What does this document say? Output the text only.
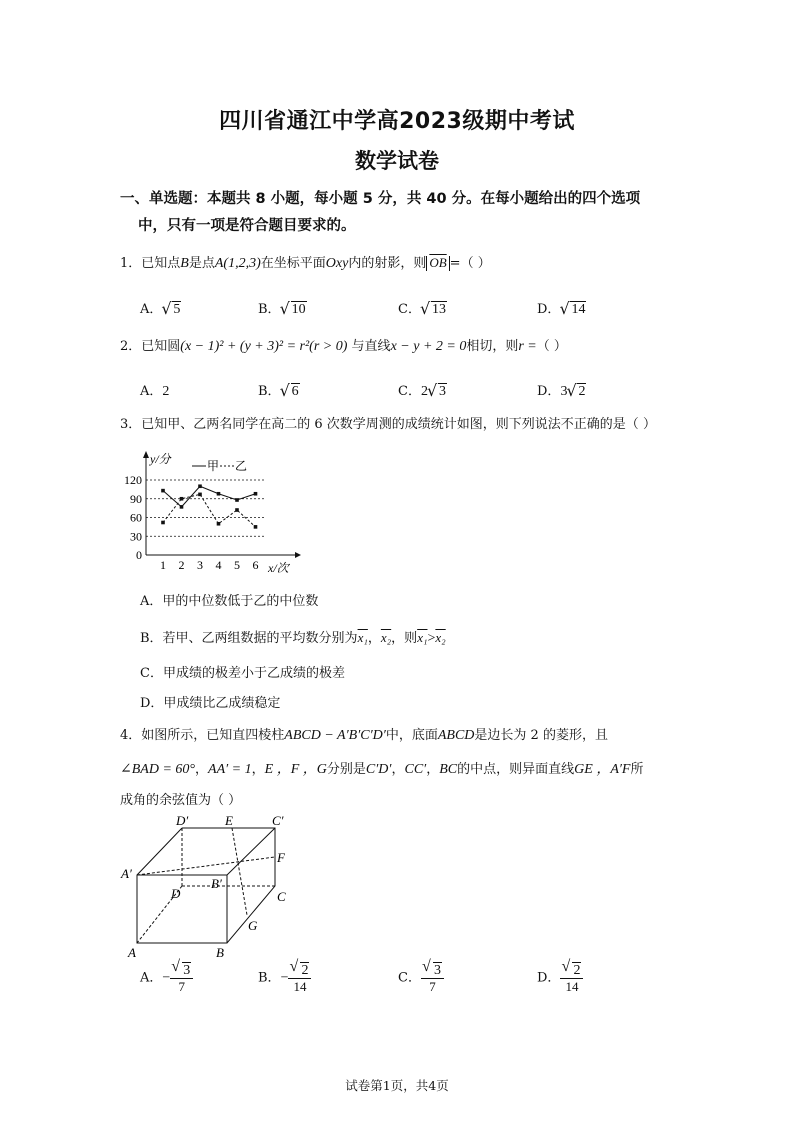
四川省通江中学高2023级期中考试
数学试卷
一、单选题：本题共 8 小题，每小题 5 分，共 40 分。在每小题给出的四个选项
中，只有一项是符合题目要求的。
1．已知点B是点A(1,2,3)在坐标平面Oxy内的射影，则 $\overline{OB}$ =（ ）
A． √ 5	B． √ 10	C． √ 13	D． √ 14
2．已知圆(x − 1)² + (y + 3)² = r²(r > 0) 与直线x − y + 2 = 0相切，则r =（ ）
A．2	B． √ 6	C．2 √ 3	D．3 √ 2
3．已知甲、乙两名同学在高二的 6 次数学周测的成绩统计如图，则下列说法不正确的是（ ）
y/分
x/次
甲 乙
0
30
60
90
120
1 2 3 4 5 6
A．甲的中位数低于乙的中位数
B．若甲、乙两组数据的平均数分别为x₁，x₂，则x₁>x₂
C．甲成绩的极差小于乙成绩的极差
D．甲成绩比乙成绩稳定
4．如图所示，已知直四棱柱ABCD − A′B′C′D′中，底面ABCD是边长为 2 的菱形，且
∠BAD = 60°，AA′ = 1，E ，F ，G分别是C′D′，CC′，BC的中点，则异面直线GE ，A′F所
成角的余弦值为（ ）
D′	E	C′
F
A′
B′
D	C
G
A	B
A．− √ $\frac{3}{7}$	B．− √ $\frac{2}{14}$	C． √ $\frac{3}{7}$	D． √ $\frac{2}{14}$
试卷第1页，共4页
